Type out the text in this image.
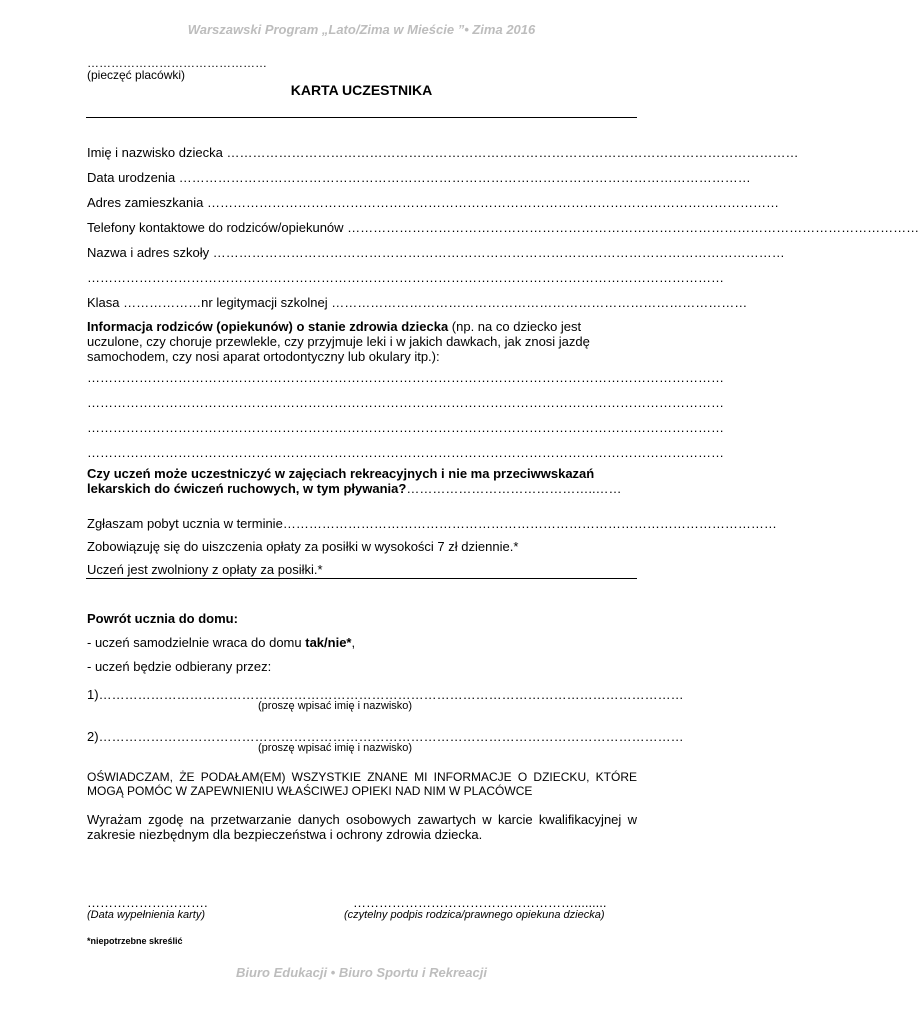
Warszawski Program „Lato/Zima w Mieście ”• Zima 2016
………………………………………
(pieczęć placówki)
KARTA UCZESTNIKA
Imię i nazwisko dziecka ……………………………………………………………………………………………………………………
Data urodzenia ……………………………………………………………………………………………………………………
Adres zamieszkania ……………………………………………………………………………………………………………………
Telefony kontaktowe do rodziców/opiekunów ……………………………………………………………………………………………………………………
Nazwa i adres szkoły ……………………………………………………………………………………………………………………
…………………………………………………………………………………………………………………………………
Klasa ……………… nr legitymacji szkolnej ……………………………………………………………………………………
Informacja rodziców (opiekunów) o stanie zdrowia dziecka (np. na co dziecko jest uczulone, czy choruje przewlekle, czy przyjmuje leki i w jakich dawkach, jak znosi jazdę samochodem, czy nosi aparat ortodontyczny lub okulary itp.):
…………………………………………………………………………………………………………………………………
…………………………………………………………………………………………………………………………………
…………………………………………………………………………………………………………………………………
…………………………………………………………………………………………………………………………………
Czy uczeń może uczestniczyć w zajęciach rekreacyjnych i nie ma przeciwwskazań lekarskich do ćwiczeń ruchowych, w tym pływania?……………………………………..……
Zgłaszam pobyt ucznia w terminie ……………………………………………………………………………………………………
Zobowiązuję się do uiszczenia opłaty za posiłki w wysokości 7 zł dziennie.*
Uczeń jest zwolniony z opłaty za posiłki.*
Powrót ucznia do domu:
- uczeń samodzielnie wraca do domu tak/nie*,
- uczeń będzie odbierany przez:
1) ………………………………………………………………………………………………………………………
(proszę wpisać imię i nazwisko)
2) ………………………………………………………………………………………………………………………
(proszę wpisać imię i nazwisko)
OŚWIADCZAM, ŻE PODAŁAM(EM) WSZYSTKIE ZNANE MI INFORMACJE O DZIECKU, KTÓRE MOGĄ POMÓC W ZAPEWNIENIU WŁAŚCIWEJ OPIEKI NAD NIM W PLACÓWCE
Wyrażam zgodę na przetwarzanie danych osobowych zawartych w karcie kwalifikacyjnej w zakresie niezbędnym dla bezpieczeństwa i ochrony zdrowia dziecka.
……………………….
(Data wypełnienia karty)
…………………………………………….........
(czytelny podpis rodzica/prawnego opiekuna dziecka)
*niepotrzebne skreślić
Biuro Edukacji • Biuro Sportu i Rekreacji
